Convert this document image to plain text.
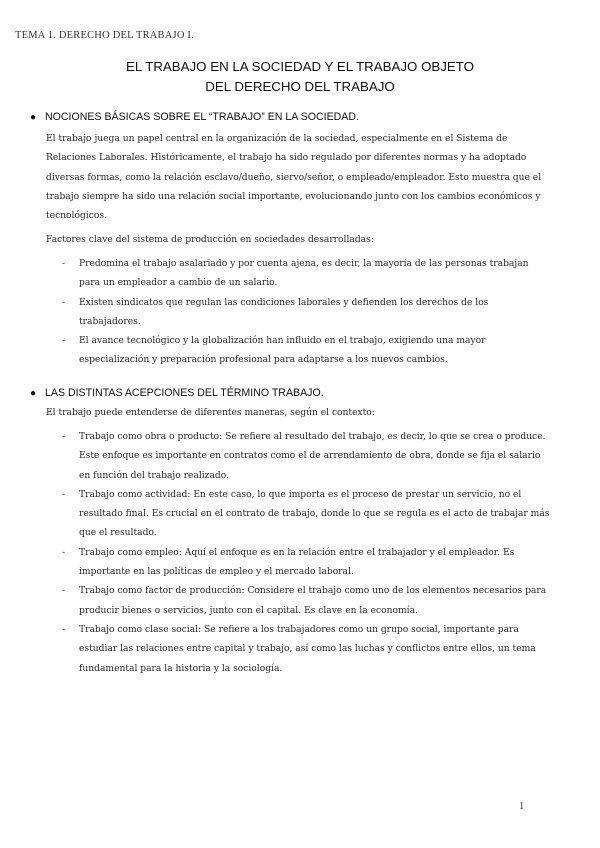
TEMA 1. DERECHO DEL TRABAJO I.
EL TRABAJO EN LA SOCIEDAD Y EL TRABAJO OBJETO
DEL DERECHO DEL TRABAJO
● NOCIONES BÁSICAS SOBRE EL “TRABAJO” EN LA SOCIEDAD.
El trabajo juega un papel central en la organización de la sociedad, especialmente en el Sistema de Relaciones Laborales. Históricamente, el trabajo ha sido regulado por diferentes normas y ha adoptado diversas formas, como la relación esclavo/dueño, siervo/señor, o empleado/empleador. Esto muestra que el trabajo siempre ha sido una relación social importante, evolucionando junto con los cambios económicos y tecnológicos.
Factores clave del sistema de producción en sociedades desarrolladas:
- Predomina el trabajo asalariado y por cuenta ajena, es decir, la mayoría de las personas trabajan para un empleador a cambio de un salario.
- Existen sindicatos que regulan las condiciones laborales y defienden los derechos de los trabajadores.
- El avance tecnológico y la globalización han influido en el trabajo, exigiendo una mayor especialización y preparación profesional para adaptarse a los nuevos cambios.
● LAS DISTINTAS ACEPCIONES DEL TÉRMINO TRABAJO.
El trabajo puede entenderse de diferentes maneras, según el contexto:
- Trabajo como obra o producto: Se refiere al resultado del trabajo, es decir, lo que se crea o produce. Este enfoque es importante en contratos como el de arrendamiento de obra, donde se fija el salario en función del trabajo realizado.
- Trabajo como actividad: En este caso, lo que importa es el proceso de prestar un servicio, no el resultado final. Es crucial en el contrato de trabajo, donde lo que se regula es el acto de trabajar más que el resultado.
- Trabajo como empleo: Aquí el enfoque es en la relación entre el trabajador y el empleador. Es importante en las políticas de empleo y el mercado laboral.
- Trabajo como factor de producción: Considere el trabajo como uno de los elementos necesarios para producir bienes o servicios, junto con el capital. Es clave en la economía.
- Trabajo como clase social: Se refiere a los trabajadores como un grupo social, importante para estudiar las relaciones entre capital y trabajo, así como las luchas y conflictos entre ellos, un tema fundamental para la historia y la sociología.
1
